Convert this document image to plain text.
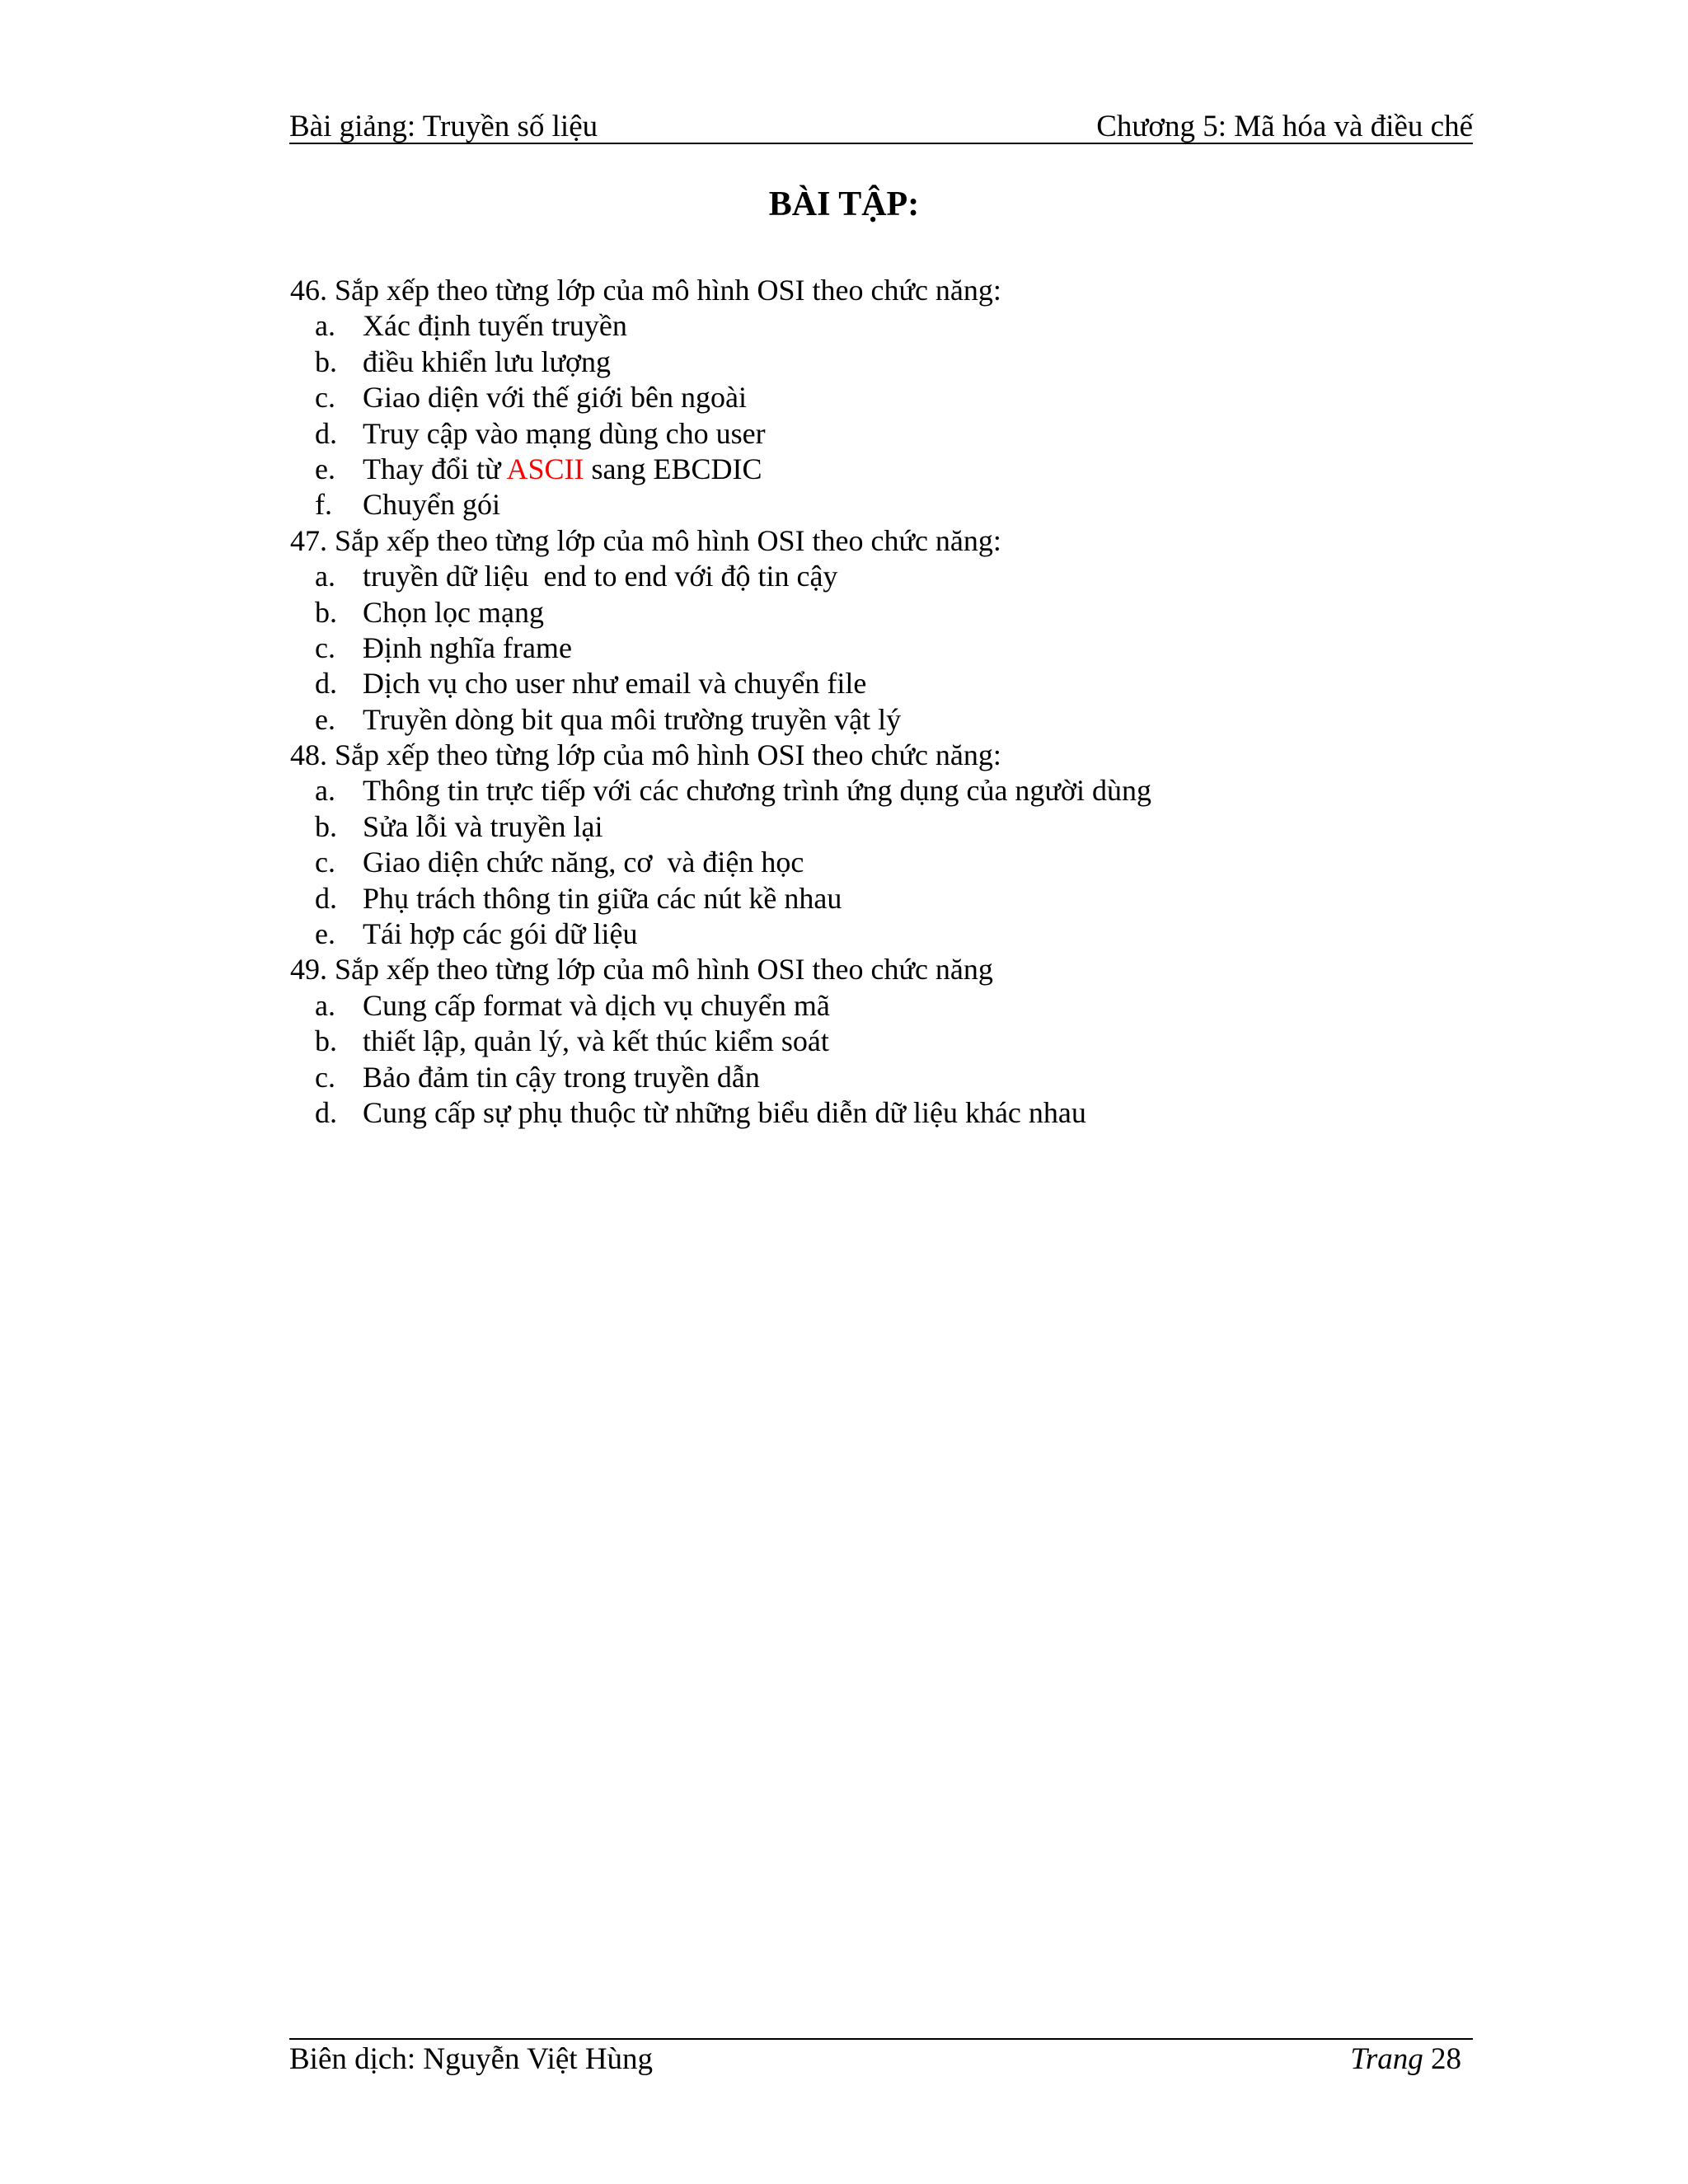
Bài giảng: Truyền số liệu	Chương 5: Mã hóa và điều chế
BÀI TẬP:
46. Sắp xếp theo từng lớp của mô hình OSI theo chức năng:
a. Xác định tuyến truyền
b. điều khiển lưu lượng
c. Giao diện với thế giới bên ngoài
d. Truy cập vào mạng dùng cho user
e. Thay đổi từ ASCII sang EBCDIC
f.	Chuyển gói
47. Sắp xếp theo từng lớp của mô hình OSI theo chức năng:
a. truyền dữ liệu  end to end với độ tin cậy
b. Chọn lọc mạng
c. Định nghĩa frame
d. Dịch vụ cho user như email và chuyển file
e. Truyền dòng bit qua môi trường truyền vật lý
48. Sắp xếp theo từng lớp của mô hình OSI theo chức năng:
a. Thông tin trực tiếp với các chương trình ứng dụng của người dùng
b. Sửa lỗi và truyền lại
c. Giao diện chức năng, cơ  và điện học
d. Phụ trách thông tin giữa các nút kề nhau
e. Tái hợp các gói dữ liệu
49. Sắp xếp theo từng lớp của mô hình OSI theo chức năng
a. Cung cấp format và dịch vụ chuyển mã
b. thiết lập, quản lý, và kết thúc kiểm soát
c. Bảo đảm tin cậy trong truyền dẫn
d. Cung cấp sự phụ thuộc từ những biểu diễn dữ liệu khác nhau
Biên dịch: Nguyễn Việt Hùng	Trang 28
